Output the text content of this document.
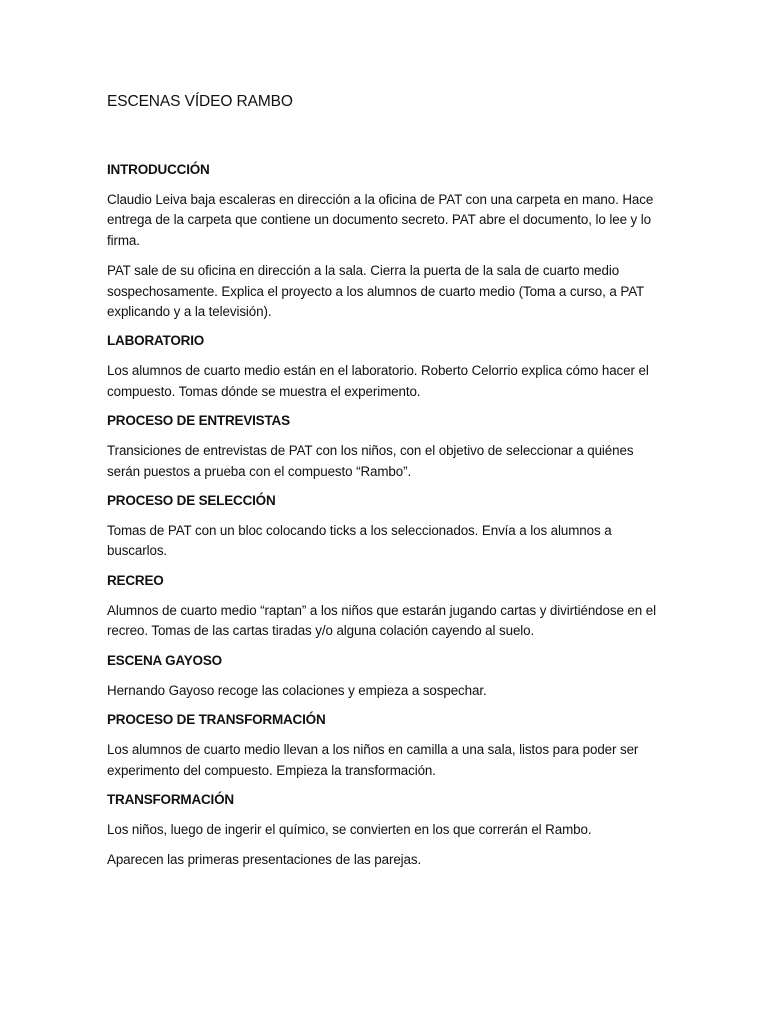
ESCENAS VÍDEO RAMBO
INTRODUCCIÓN

Claudio Leiva baja escaleras en dirección a la oficina de PAT con una carpeta en mano. Hace entrega de la carpeta que contiene un documento secreto. PAT abre el documento, lo lee y lo firma.

PAT sale de su oficina en dirección a la sala. Cierra la puerta de la sala de cuarto medio sospechosamente. Explica el proyecto a los alumnos de cuarto medio (Toma a curso, a PAT explicando y a la televisión).

LABORATORIO

Los alumnos de cuarto medio están en el laboratorio. Roberto Celorrio explica cómo hacer el compuesto. Tomas dónde se muestra el experimento.

PROCESO DE ENTREVISTAS

Transiciones de entrevistas de PAT con los niños, con el objetivo de seleccionar a quiénes serán puestos a prueba con el compuesto “Rambo”.

PROCESO DE SELECCIÓN

Tomas de PAT con un bloc colocando ticks a los seleccionados. Envía a los alumnos a buscarlos.

RECREO

Alumnos de cuarto medio “raptan” a los niños que estarán jugando cartas y divirtiéndose en el recreo. Tomas de las cartas tiradas y/o alguna colación cayendo al suelo.

ESCENA GAYOSO

Hernando Gayoso recoge las colaciones y empieza a sospechar.

PROCESO DE TRANSFORMACIÓN

Los alumnos de cuarto medio llevan a los niños en camilla a una sala, listos para poder ser experimento del compuesto. Empieza la transformación.

TRANSFORMACIÓN

Los niños, luego de ingerir el químico, se convierten en los que correrán el Rambo.

Aparecen las primeras presentaciones de las parejas.
